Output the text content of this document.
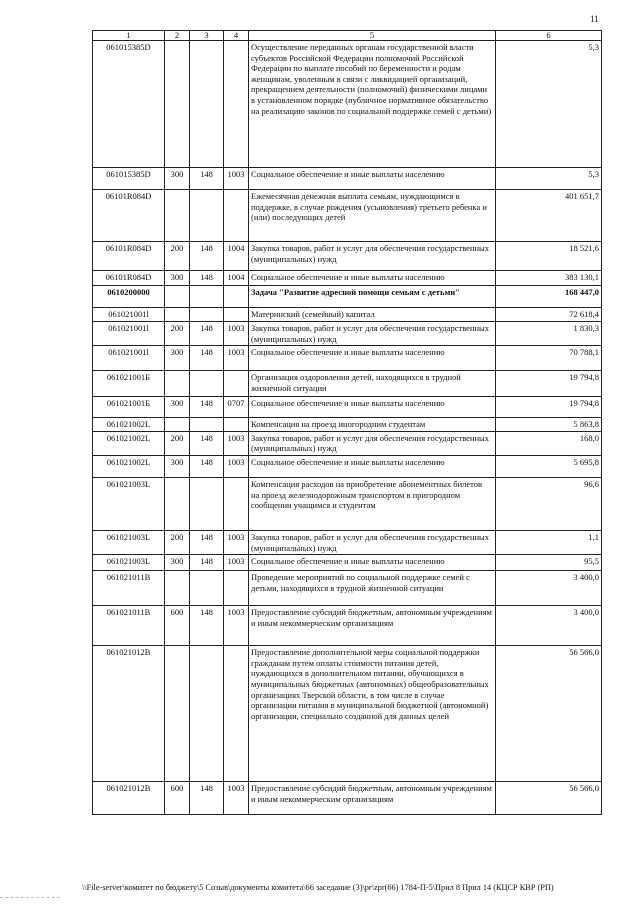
11
1	2	3	4	5	6
061015385D				Осуществление переданных органам государственной власти субъектов Российской Федерации полномочий Российской Федерации по выплате пособий по беременности и родам женщинам, уволенным в связи с ликвидацией организаций, прекращением деятельности (полномочий) физическими лицами в установленном порядке (публичное нормативное обязательство на реализацию законов по социальной поддержке семей с детьми)	5,3
061015385D	300	148	1003	Социальное обеспечение и иные выплаты населению	5,3
06101R084D				Ежемесячная денежная выплата семьям, нуждающимся в поддержке, в случае рождения (усыновления) третьего ребенка и (или) последующих детей	401 651,7
06101R084D	200	148	1004	Закупка товаров, работ и услуг для обеспечения государственных (муниципальных) нужд	18 521,6
06101R084D	300	148	1004	Социальное обеспечение и иные выплаты населению	383 130,1
0610200000				Задача "Развитие адресной помощи семьям с детьми"	168 447,0
061021001l				Материнский (семейный) капитал	72 618,4
061021001l	200	148	1003	Закупка товаров, работ и услуг для обеспечения государственных (муниципальных) нужд	1 830,3
061021001l	300	148	1003	Социальное обеспечение и иные выплаты населению	70 788,1
061021001Б				Организация оздоровления детей, находящихся в трудной жизненной ситуации	19 794,8
061021001Б	300	148	0707	Социальное обеспечение и иные выплаты населению	19 794,8
061021002L				Компенсация на проезд иногородним студентам	5 863,8
061021002L	200	148	1003	Закупка товаров, работ и услуг для обеспечения государственных (муниципальных) нужд	168,0
061021002L	300	148	1003	Социальное обеспечение и иные выплаты населению	5 695,8
061021003L				Компенсация расходов на приобретение абонементных билетов на проезд железнодорожным транспортом в пригородном сообщении учащимся и студентам	96,6
061021003L	200	148	1003	Закупка товаров, работ и услуг для обеспечения государственных (муниципальных) нужд	1,1
061021003L	300	148	1003	Социальное обеспечение и иные выплаты населению	95,5
061021011B				Проведение мероприятий по социальной поддержке семей с детьми, находящихся в трудной жизненной ситуации	3 400,0
061021011B	600	148	1003	Предоставление субсидий бюджетным, автономным учреждениям и иным некоммерческим организациям	3 400,0
061021012B				Предоставление дополнительной меры социальной поддержки гражданам путем оплаты стоимости питания детей, нуждающихся в дополнительном питании, обучающихся в муниципальных бюджетных (автономных) общеобразовательных организациях Тверской области, в том числе в случае организации питания в муниципальной бюджетной (автономной) организации, специально созданной для данных целей	56 566,0
061021012B	600	148	1003	Предоставление субсидий бюджетным, автономным учреждениям и иным некоммерческим организациям	56 566,0
\\File-server\комитет по бюджету\5 Созыв\документы комитета\66 заседание (3)\pr\zpr(66) 1784-П-5\Прил 8 Прил 14 (КЦСР КВР (РП)
